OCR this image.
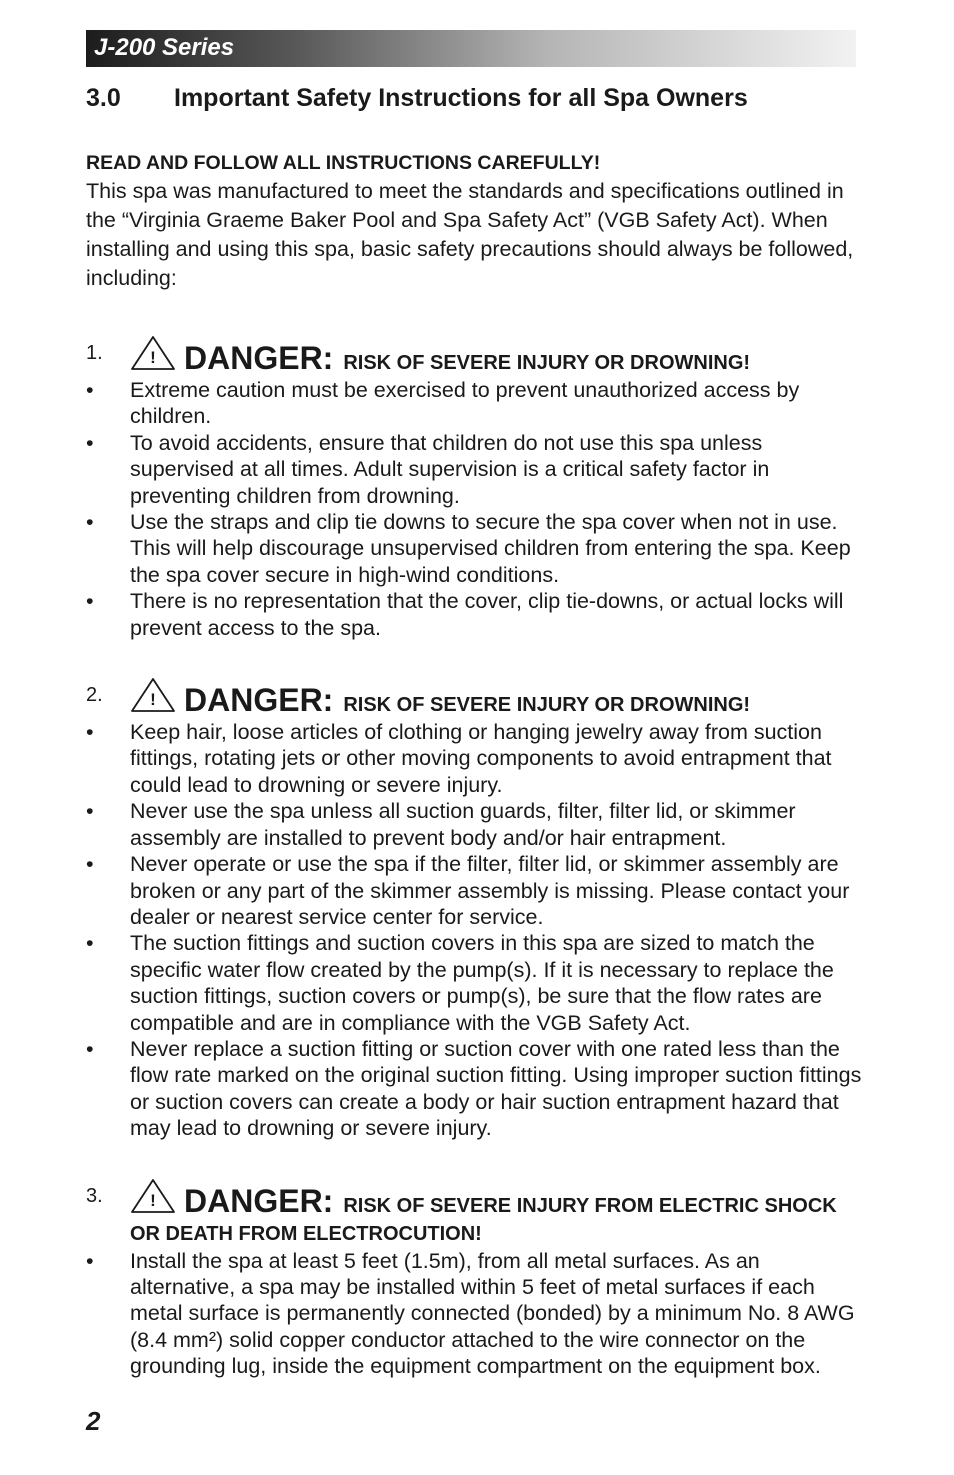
J-200 Series
3.0 Important Safety Instructions for all Spa Owners

READ AND FOLLOW ALL INSTRUCTIONS CAREFULLY!

This spa was manufactured to meet the standards and specifications outlined in the “Virginia Graeme Baker Pool and Spa Safety Act” (VGB Safety Act). When installing and using this spa, basic safety precautions should always be followed, including:

1.	! DANGER: RISK OF SEVERE INJURY OR DROWNING!
• Extreme caution must be exercised to prevent unauthorized access by children.
• To avoid accidents, ensure that children do not use this spa unless supervised at all times. Adult supervision is a critical safety factor in preventing children from drowning.
• Use the straps and clip tie downs to secure the spa cover when not in use. This will help discourage unsupervised children from entering the spa. Keep the spa cover secure in high-wind conditions.
• There is no representation that the cover, clip tie-downs, or actual locks will prevent access to the spa.
2.	! DANGER: RISK OF SEVERE INJURY OR DROWNING!
• Keep hair, loose articles of clothing or hanging jewelry away from suction fittings, rotating jets or other moving components to avoid entrapment that could lead to drowning or severe injury.
• Never use the spa unless all suction guards, filter, filter lid, or skimmer assembly are installed to prevent body and/or hair entrapment.
• Never operate or use the spa if the filter, filter lid, or skimmer assembly are broken or any part of the skimmer assembly is missing. Please contact your dealer or nearest service center for service.
• The suction fittings and suction covers in this spa are sized to match the specific water flow created by the pump(s). If it is necessary to replace the suction fittings, suction covers or pump(s), be sure that the flow rates are compatible and are in compliance with the VGB Safety Act.
• Never replace a suction fitting or suction cover with one rated less than the flow rate marked on the original suction fitting. Using improper suction fittings or suction covers can create a body or hair suction entrapment hazard that may lead to drowning or severe injury.
3.	! DANGER: RISK OF SEVERE INJURY FROM ELECTRIC SHOCK OR DEATH FROM ELECTROCUTION!
• Install the spa at least 5 feet (1.5m), from all metal surfaces. As an alternative, a spa may be installed within 5 feet of metal surfaces if each metal surface is permanently connected (bonded) by a minimum No. 8 AWG (8.4 mm²) solid copper conductor attached to the wire connector on the grounding lug, inside the equipment compartment on the equipment box.

2
